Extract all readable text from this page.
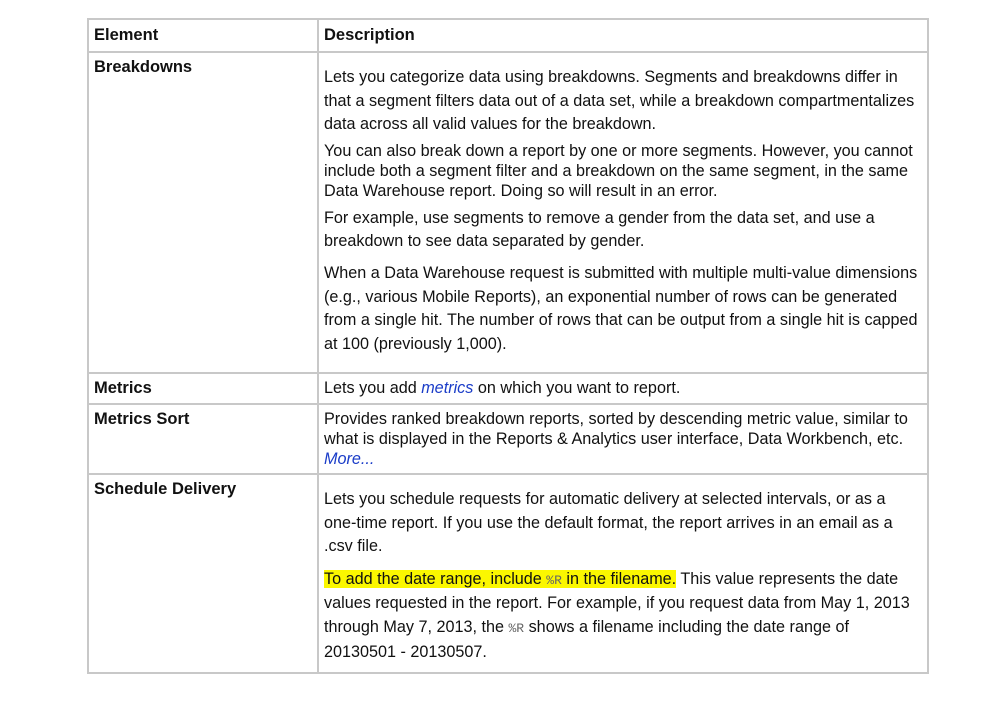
Element	Description

Breakdowns	Lets you categorize data using breakdowns. Segments and breakdowns differ in that a segment filters data out of a data set, while a breakdown compartmentalizes data across all valid values for the breakdown.

You can also break down a report by one or more segments. However, you cannot include both a segment filter and a breakdown on the same segment, in the same Data Warehouse report. Doing so will result in an error.

For example, use segments to remove a gender from the data set, and use a breakdown to see data separated by gender.

When a Data Warehouse request is submitted with multiple multi-value dimensions (e.g., various Mobile Reports), an exponential number of rows can be generated from a single hit. The number of rows that can be output from a single hit is capped at 100 (previously 1,000).

Metrics	Lets you add metrics on which you want to report.

Metrics Sort	Provides ranked breakdown reports, sorted by descending metric value, similar to what is displayed in the Reports & Analytics user interface, Data Workbench, etc.
More...

Schedule Delivery	Lets you schedule requests for automatic delivery at selected intervals, or as a one-time report. If you use the default format, the report arrives in an email as a .csv file.

To add the date range, include %R in the filename. This value represents the date values requested in the report. For example, if you request data from May 1, 2013 through May 7, 2013, the %R shows a filename including the date range of 20130501 - 20130507.
